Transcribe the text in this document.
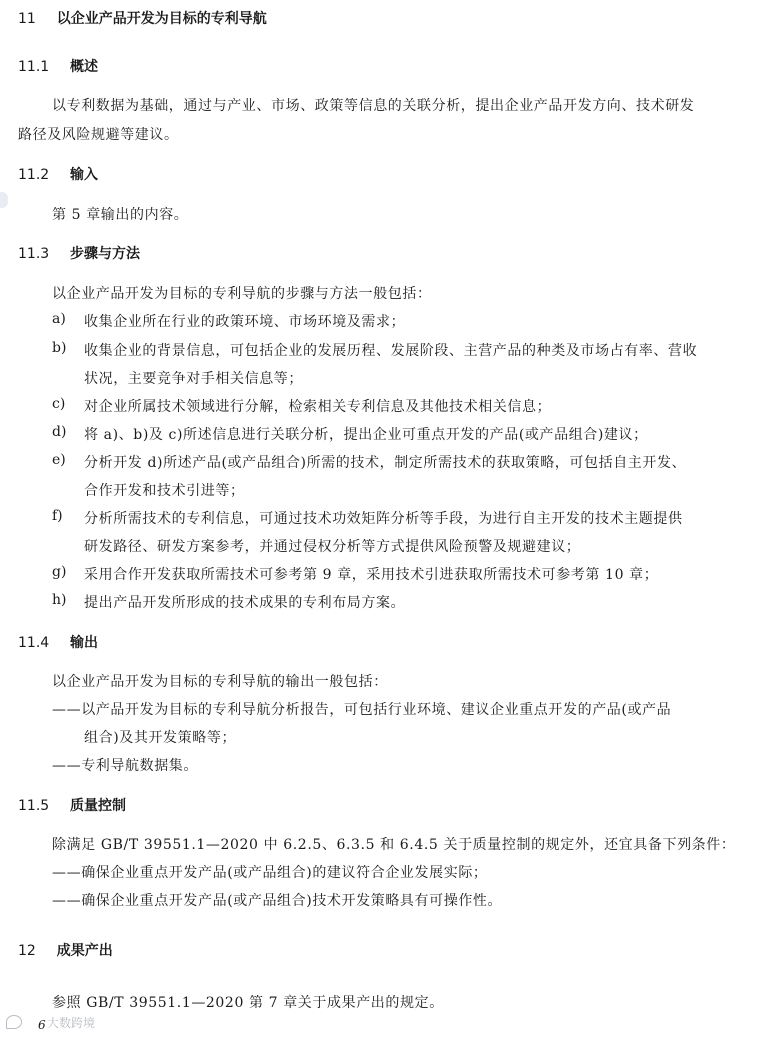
11 以企业产品开发为目标的专利导航
11.1 概述
以专利数据为基础，通过与产业、市场、政策等信息的关联分析，提出企业产品开发方向、技术研发
路径及风险规避等建议。
11.2 输入
第 5 章输出的内容。
11.3 步骤与方法
以企业产品开发为目标的专利导航的步骤与方法一般包括：
a) 收集企业所在行业的政策环境、市场环境及需求；
b) 收集企业的背景信息，可包括企业的发展历程、发展阶段、主营产品的种类及市场占有率、营收
状况，主要竞争对手相关信息等；
c) 对企业所属技术领域进行分解，检索相关专利信息及其他技术相关信息；
d) 将 a)、b)及 c)所述信息进行关联分析，提出企业可重点开发的产品(或产品组合)建议；
e) 分析开发 d)所述产品(或产品组合)所需的技术，制定所需技术的获取策略，可包括自主开发、
合作开发和技术引进等；
f) 分析所需技术的专利信息，可通过技术功效矩阵分析等手段，为进行自主开发的技术主题提供
研发路径、研发方案参考，并通过侵权分析等方式提供风险预警及规避建议；
g) 采用合作开发获取所需技术可参考第 9 章，采用技术引进获取所需技术可参考第 10 章；
h) 提出产品开发所形成的技术成果的专利布局方案。
11.4 输出
以企业产品开发为目标的专利导航的输出一般包括：
——以产品开发为目标的专利导航分析报告，可包括行业环境、建议企业重点开发的产品(或产品
组合)及其开发策略等；
——专利导航数据集。
11.5 质量控制
除满足 GB/T 39551.1—2020 中 6.2.5、6.3.5 和 6.4.5 关于质量控制的规定外，还宜具备下列条件：
——确保企业重点开发产品(或产品组合)的建议符合企业发展实际；
——确保企业重点开发产品(或产品组合)技术开发策略具有可操作性。
12 成果产出
参照 GB/T 39551.1—2020 第 7 章关于成果产出的规定。
大数跨境
6
